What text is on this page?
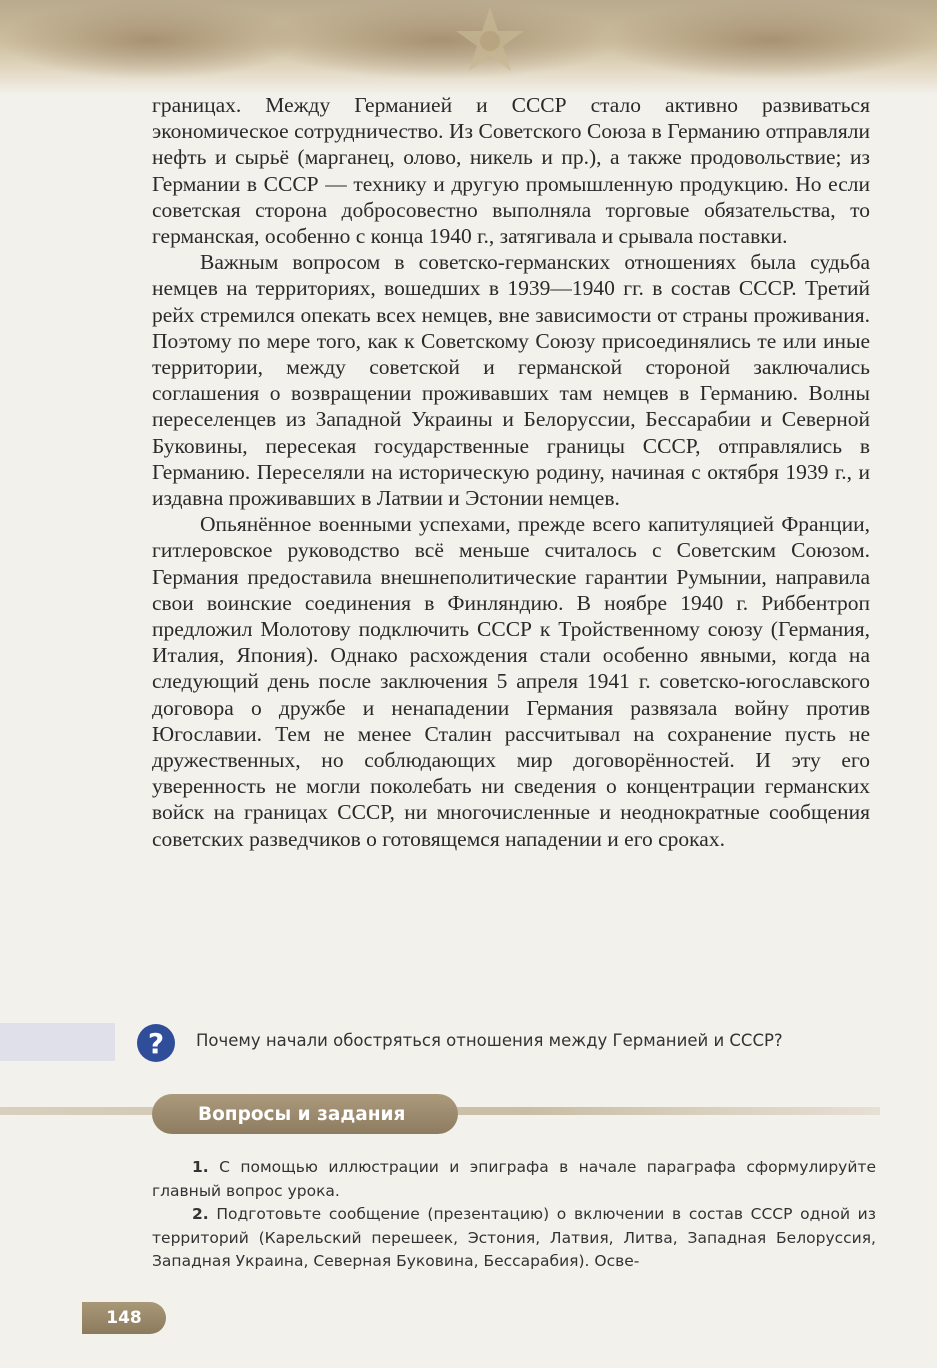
границах. Между Германией и СССР стало активно развиваться экономическое сотрудничество. Из Советского Союза в Германию отправляли нефть и сырьё (марганец, олово, никель и пр.), а также продовольствие; из Германии в СССР — технику и другую промышленную продукцию. Но если советская сторона добросовестно выполняла торговые обязательства, то германская, особенно с конца 1940 г., затягивала и срывала поставки.

Важным вопросом в советско-германских отношениях была судьба немцев на территориях, вошедших в 1939—1940 гг. в состав СССР. Третий рейх стремился опекать всех немцев, вне зависимости от страны проживания. Поэтому по мере того, как к Советскому Союзу присоединялись те или иные территории, между советской и германской стороной заключались соглашения о возвращении проживавших там немцев в Германию. Волны переселенцев из Западной Украины и Белоруссии, Бессарабии и Северной Буковины, пересекая государственные границы СССР, отправлялись в Германию. Переселяли на историческую родину, начиная с октября 1939 г., и издавна проживавших в Латвии и Эстонии немцев.

Опьянённое военными успехами, прежде всего капитуляцией Франции, гитлеровское руководство всё меньше считалось с Советским Союзом. Германия предоставила внешнеполитические гарантии Румынии, направила свои воинские соединения в Финляндию. В ноябре 1940 г. Риббентроп предложил Молотову подключить СССР к Тройственному союзу (Германия, Италия, Япония). Однако расхождения стали особенно явными, когда на следующий день после заключения 5 апреля 1941 г. советско-югославского договора о дружбе и ненападении Германия развязала войну против Югославии. Тем не менее Сталин рассчитывал на сохранение пусть не дружественных, но соблюдающих мир договорённостей. И эту его уверенность не могли поколебать ни сведения о концентрации германских войск на границах СССР, ни многочисленные и неоднократные сообщения советских разведчиков о готовящемся нападении и его сроках.

?	Почему начали обостряться отношения между Германией и СССР?
Вопросы и задания

1. С помощью иллюстрации и эпиграфа в начале параграфа сформулируйте главный вопрос урока.

2. Подготовьте сообщение (презентацию) о включении в состав СССР одной из территорий (Карельский перешеек, Эстония, Латвия, Литва, Западная Белоруссия, Западная Украина, Северная Буковина, Бессарабия). Осве-

148
